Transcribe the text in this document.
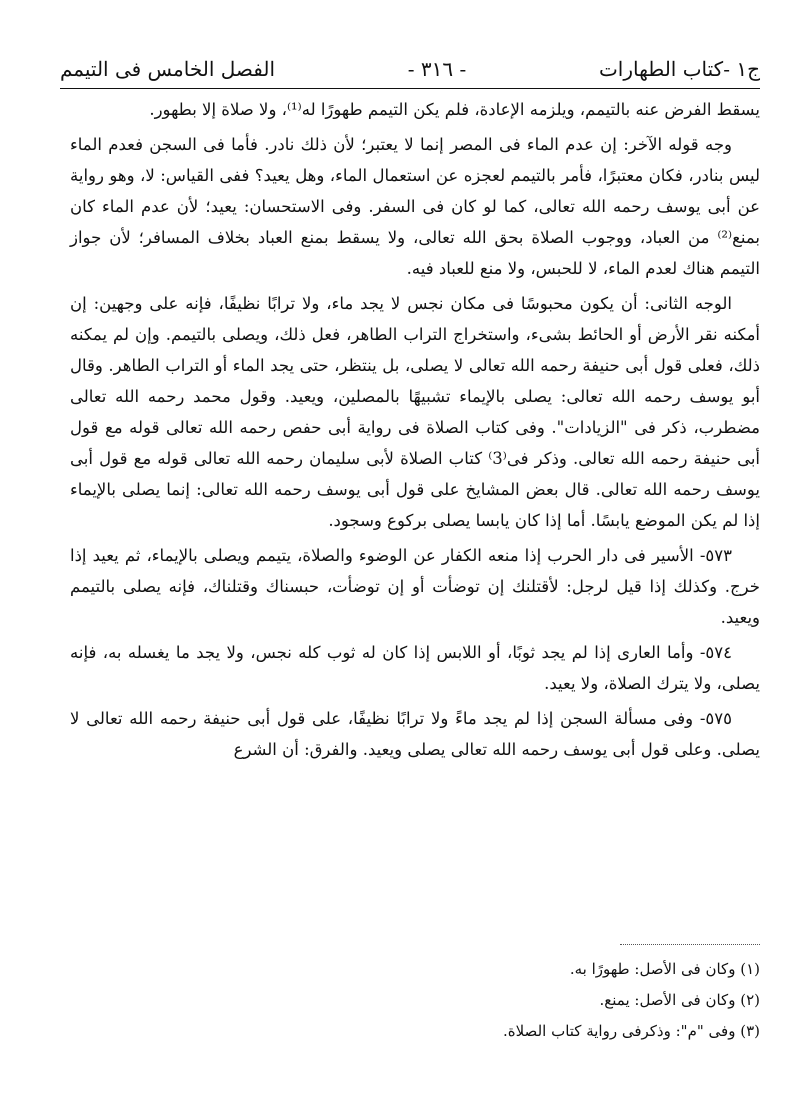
ج١ -كتاب الطهارات
- ٣١٦ -
الفصل الخامس فى التيمم

يسقط الفرض عنه بالتيمم، ويلزمه الإعادة، فلم يكن التيمم طهورًا له⁽¹⁾، ولا صلاة إلا بطهور.

وجه قوله الآخر: إن عدم الماء فى المصر إنما لا يعتبر؛ لأن ذلك نادر. فأما فى السجن فعدم الماء ليس بنادر، فكان معتبرًا، فأمر بالتيمم لعجزه عن استعمال الماء، وهل يعيد؟ ففى القياس: لا، وهو رواية عن أبى يوسف رحمه الله تعالى، كما لو كان فى السفر. وفى الاستحسان: يعيد؛ لأن عدم الماء كان بمنع⁽²⁾ من العباد، ووجوب الصلاة بحق الله تعالى، ولا يسقط بمنع العباد بخلاف المسافر؛ لأن جواز التيمم هناك لعدم الماء، لا للحبس، ولا منع للعباد فيه.

الوجه الثانى: أن يكون محبوسًا فى مكان نجس لا يجد ماء، ولا ترابًا نظيفًا، فإنه على وجهين: إن أمكنه نقر الأرض أو الحائط بشىء، واستخراج التراب الطاهر، فعل ذلك، ويصلى بالتيمم. وإن لم يمكنه ذلك، فعلى قول أبى حنيفة رحمه الله تعالى لا يصلى، بل ينتظر، حتى يجد الماء أو التراب الطاهر. وقال أبو يوسف رحمه الله تعالى: يصلى بالإيماء تشبيهًا بالمصلين، ويعيد. وقول محمد رحمه الله تعالى مضطرب، ذكر فى "الزيادات". وفى كتاب الصلاة فى رواية أبى حفص رحمه الله تعالى قوله مع قول أبى حنيفة رحمه الله تعالى. وذكر فى⁽3⁾ كتاب الصلاة لأبى سليمان رحمه الله تعالى قوله مع قول أبى يوسف رحمه الله تعالى. قال بعض المشايخ على قول أبى يوسف رحمه الله تعالى: إنما يصلى بالإيماء إذا لم يكن الموضع يابسًا. أما إذا كان يابسا يصلى بركوع وسجود.

٥٧٣- الأسير فى دار الحرب إذا منعه الكفار عن الوضوء والصلاة، يتيمم ويصلى بالإيماء، ثم يعيد إذا خرج. وكذلك إذا قيل لرجل: لأقتلنك إن توضأت أو إن توضأت، حبسناك وقتلناك، فإنه يصلى بالتيمم ويعيد.

٥٧٤- وأما العارى إذا لم يجد ثوبًا، أو اللابس إذا كان له ثوب كله نجس، ولا يجد ما يغسله به، فإنه يصلى، ولا يترك الصلاة، ولا يعيد.

٥٧٥- وفى مسألة السجن إذا لم يجد ماءً ولا ترابًا نظيفًا، على قول أبى حنيفة رحمه الله تعالى لا يصلى. وعلى قول أبى يوسف رحمه الله تعالى يصلى ويعيد. والفرق: أن الشرع

(١) وكان فى الأصل: طهورًا به.
(٢) وكان فى الأصل: يمنع.
(٣) وفى "م": وذكرفى رواية كتاب الصلاة.
